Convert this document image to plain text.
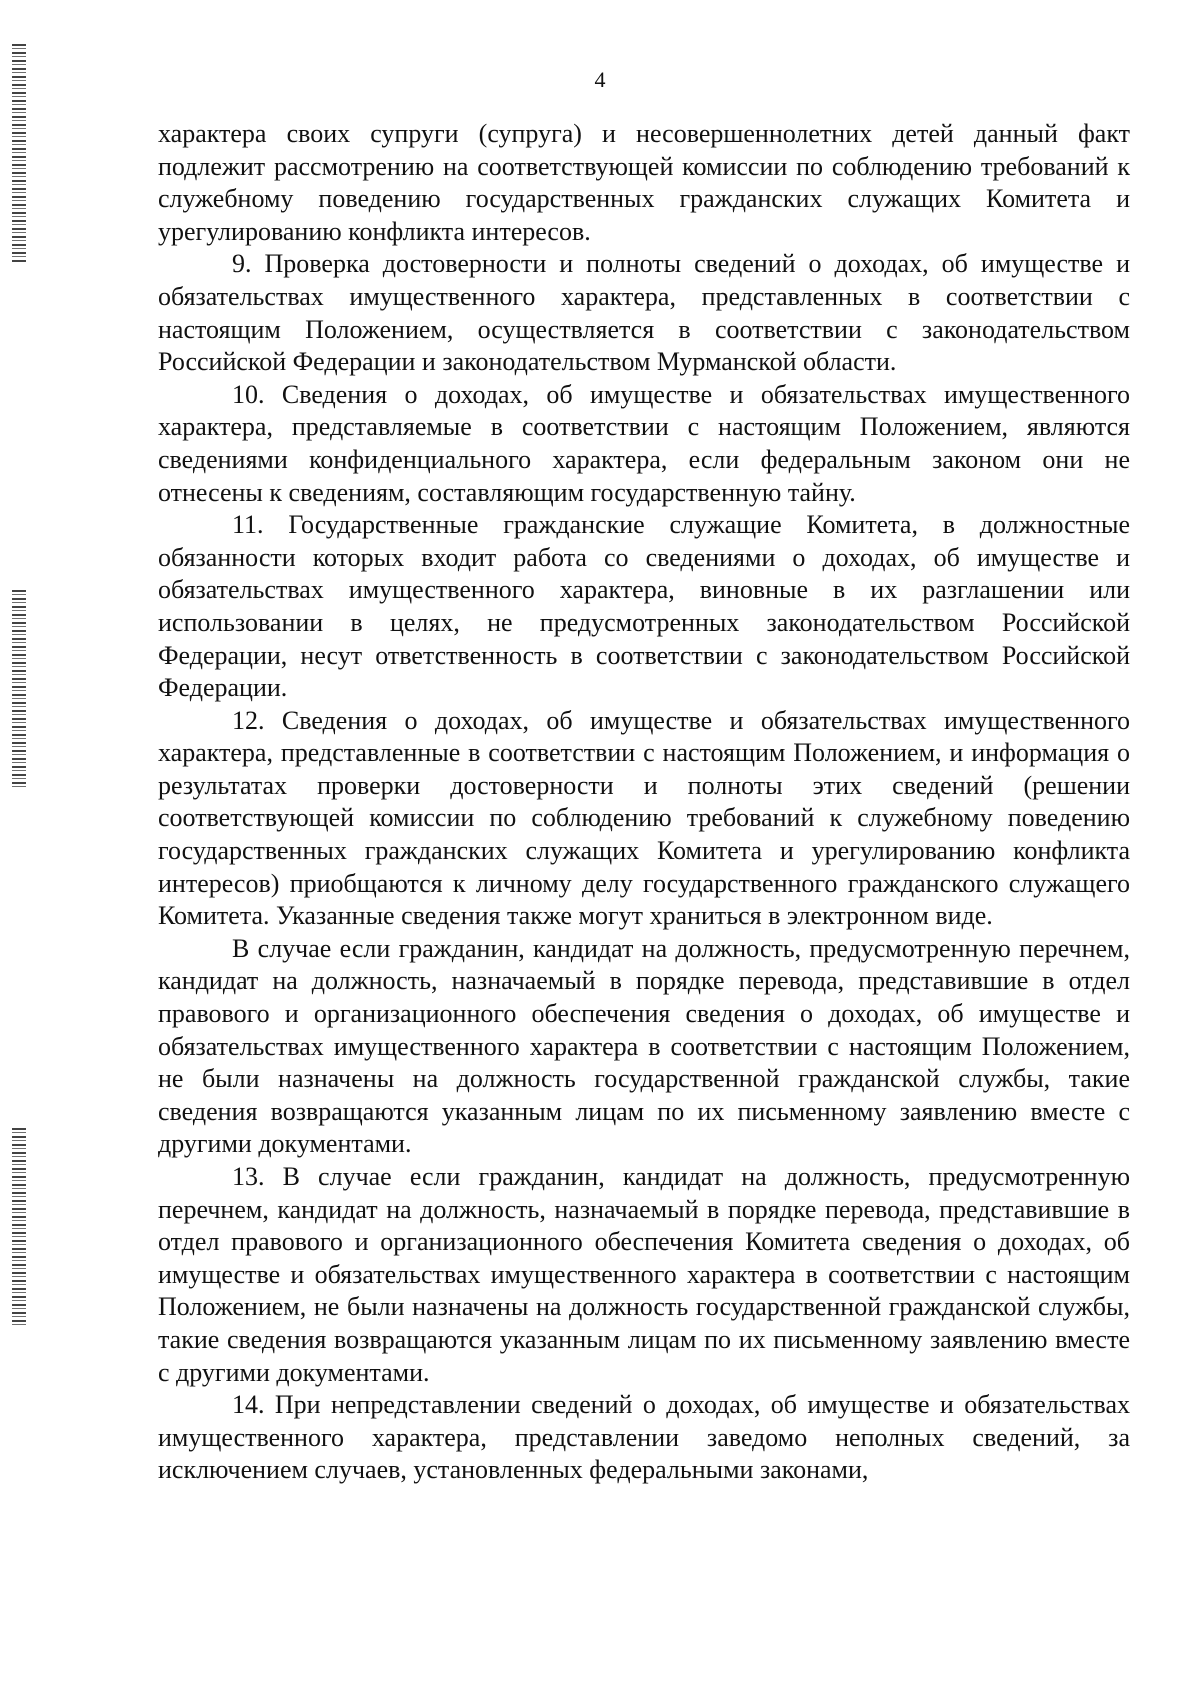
4

характера своих супруги (супруга) и несовершеннолетних детей данный факт подлежит рассмотрению на соответствующей комиссии по соблюдению требований к служебному поведению государственных гражданских служащих Комитета и урегулированию конфликта интересов.

9. Проверка достоверности и полноты сведений о доходах, об имуществе и обязательствах имущественного характера, представленных в соответствии с настоящим Положением, осуществляется в соответствии с законодательством Российской Федерации и законодательством Мурманской области.

10. Сведения о доходах, об имуществе и обязательствах имущественного характера, представляемые в соответствии с настоящим Положением, являются сведениями конфиденциального характера, если федеральным законом они не отнесены к сведениям, составляющим государственную тайну.

11. Государственные гражданские служащие Комитета, в должностные обязанности которых входит работа со сведениями о доходах, об имуществе и обязательствах имущественного характера, виновные в их разглашении или использовании в целях, не предусмотренных законодательством Российской Федерации, несут ответственность в соответствии с законодательством Российской Федерации.

12. Сведения о доходах, об имуществе и обязательствах имущественного характера, представленные в соответствии с настоящим Положением, и информация о результатах проверки достоверности и полноты этих сведений (решении соответствующей комиссии по соблюдению требований к служебному поведению государственных гражданских служащих Комитета и урегулированию конфликта интересов) приобщаются к личному делу государственного гражданского служащего Комитета. Указанные сведения также могут храниться в электронном виде.

В случае если гражданин, кандидат на должность, предусмотренную перечнем, кандидат на должность, назначаемый в порядке перевода, представившие в отдел правового и организационного обеспечения сведения о доходах, об имуществе и обязательствах имущественного характера в соответствии с настоящим Положением, не были назначены на должность государственной гражданской службы, такие сведения возвращаются указанным лицам по их письменному заявлению вместе с другими документами.

13. В случае если гражданин, кандидат на должность, предусмотренную перечнем, кандидат на должность, назначаемый в порядке перевода, представившие в отдел правового и организационного обеспечения Комитета сведения о доходах, об имуществе и обязательствах имущественного характера в соответствии с настоящим Положением, не были назначены на должность государственной гражданской службы, такие сведения возвращаются указанным лицам по их письменному заявлению вместе с другими документами.

14. При непредставлении сведений о доходах, об имуществе и обязательствах имущественного характера, представлении заведомо неполных сведений, за исключением случаев, установленных федеральными законами,
